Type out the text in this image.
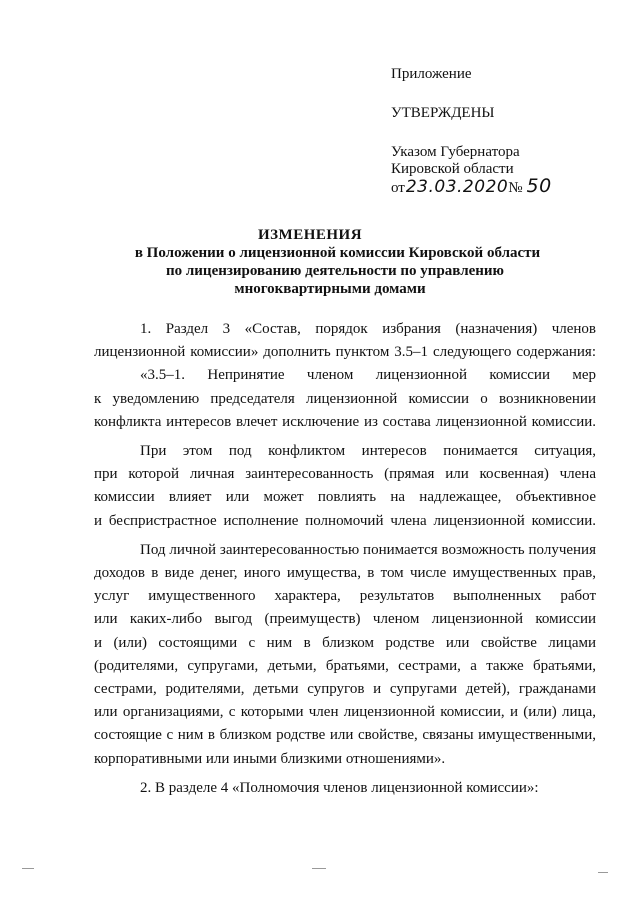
Приложение
УТВЕРЖДЕНЫ
Указом Губернатора
Кировской области
от 23.03.2020 № 50
ИЗМЕНЕНИЯ
в Положении о лицензионной комиссии Кировской области
по лицензированию деятельности по управлению
многоквартирными домами
1. Раздел 3 «Состав, порядок избрания (назначения) членов
лицензионной комиссии» дополнить пунктом 3.5–1 следующего содержания:
«3.5–1. Непринятие членом лицензионной комиссии мер
к уведомлению председателя лицензионной комиссии о возникновении
конфликта интересов влечет исключение из состава лицензионной комиссии.
При этом под конфликтом интересов понимается ситуация,
при которой личная заинтересованность (прямая или косвенная) члена
комиссии влияет или может повлиять на надлежащее, объективное
и беспристрастное исполнение полномочий члена лицензионной комиссии.
Под личной заинтересованностью понимается возможность получения
доходов в виде денег, иного имущества, в том числе имущественных прав,
услуг имущественного характера, результатов выполненных работ
или каких-либо выгод (преимуществ) членом лицензионной комиссии
и (или) состоящими с ним в близком родстве или свойстве лицами
(родителями, супругами, детьми, братьями, сестрами, а также братьями,
сестрами, родителями, детьми супругов и супругами детей), гражданами
или организациями, с которыми член лицензионной комиссии, и (или) лица,
состоящие с ним в близком родстве или свойстве, связаны имущественными,
корпоративными или иными близкими отношениями».
2. В разделе 4 «Полномочия членов лицензионной комиссии»:
